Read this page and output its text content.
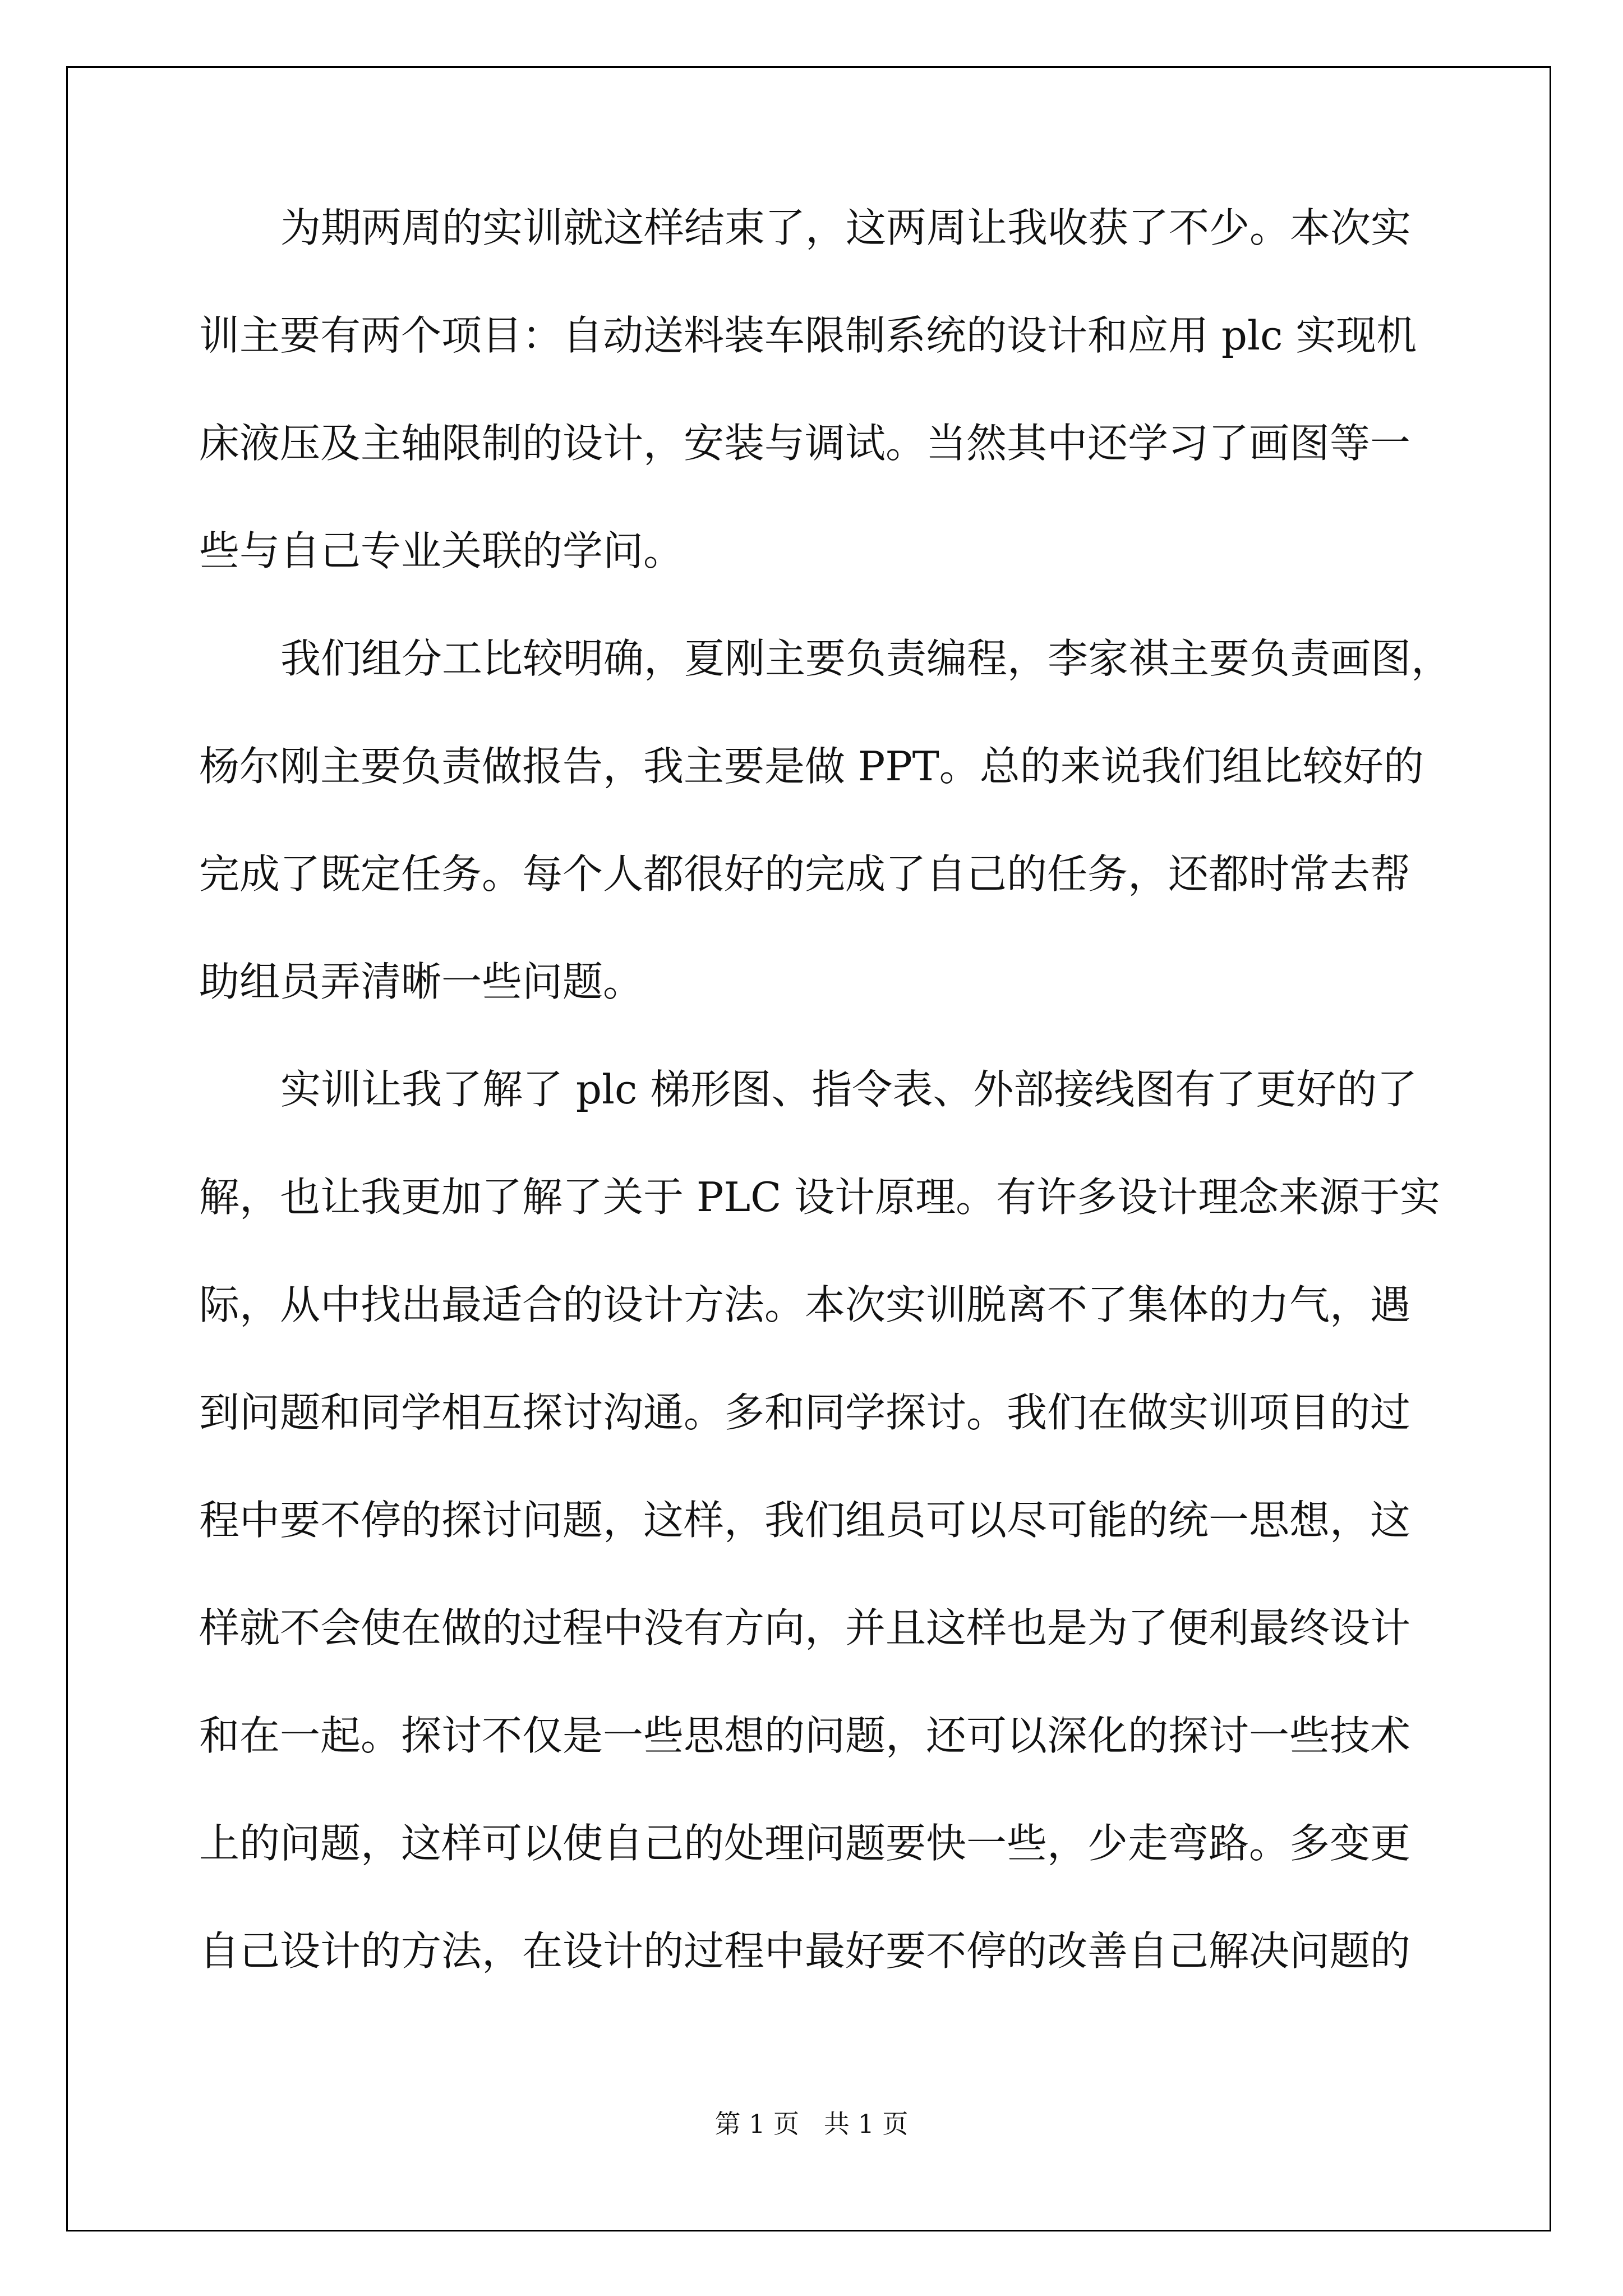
为期两周的实训就这样结束了，这两周让我收获了不少。本次实
训主要有两个项目：自动送料装车限制系统的设计和应用 plc 实现机
床液压及主轴限制的设计，安装与调试。当然其中还学习了画图等一
些与自己专业关联的学问。
我们组分工比较明确，夏刚主要负责编程，李家祺主要负责画图，
杨尔刚主要负责做报告，我主要是做 PPT。总的来说我们组比较好的
完成了既定任务。每个人都很好的完成了自己的任务，还都时常去帮
助组员弄清晰一些问题。
实训让我了解了 plc 梯形图、指令表、外部接线图有了更好的了
解，也让我更加了解了关于 PLC 设计原理。有许多设计理念来源于实
际，从中找出最适合的设计方法。本次实训脱离不了集体的力气，遇
到问题和同学相互探讨沟通。多和同学探讨。我们在做实训项目的过
程中要不停的探讨问题，这样，我们组员可以尽可能的统一思想，这
样就不会使在做的过程中没有方向，并且这样也是为了便利最终设计
和在一起。探讨不仅是一些思想的问题，还可以深化的探讨一些技术
上的问题，这样可以使自己的处理问题要快一些，少走弯路。多变更
自己设计的方法，在设计的过程中最好要不停的改善自己解决问题的
第 1 页   共 1 页
